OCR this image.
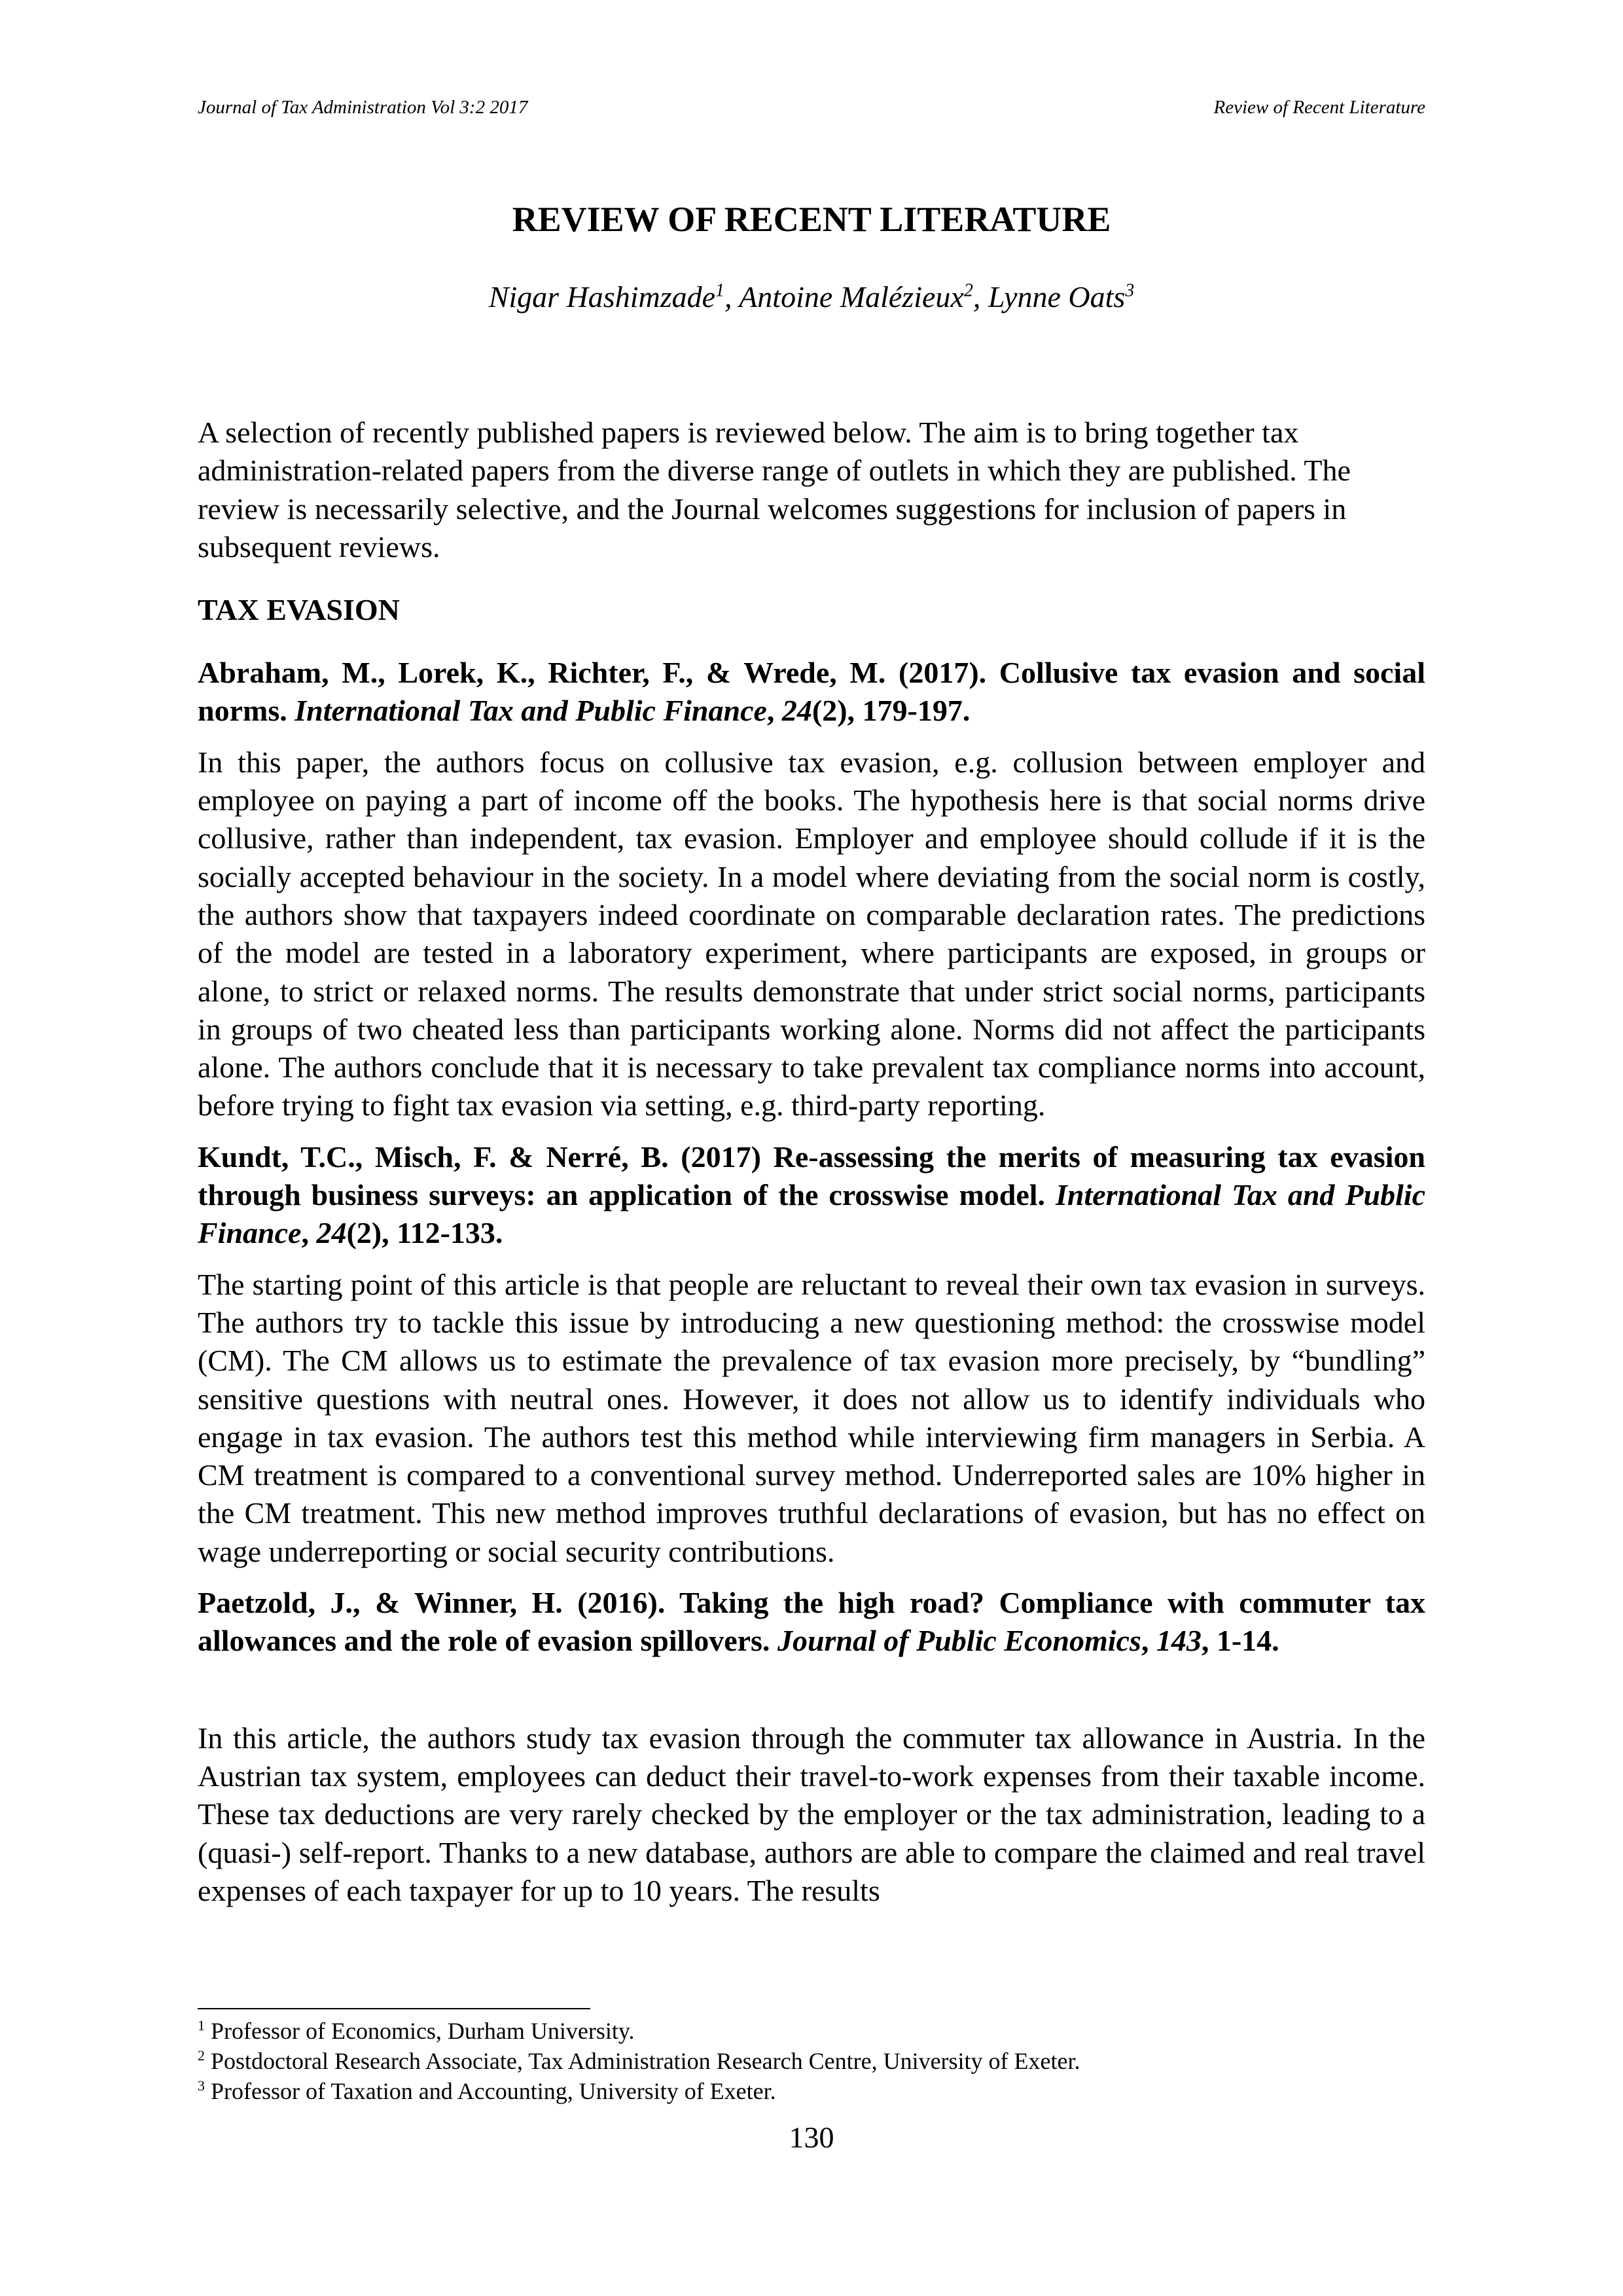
Journal of Tax Administration Vol 3:2 2017	Review of Recent Literature
REVIEW OF RECENT LITERATURE
Nigar Hashimzade$^1$, Antoine Malézieux$^2$, Lynne Oats$^3$

A selection of recently published papers is reviewed below. The aim is to bring together tax administration-related papers from the diverse range of outlets in which they are published. The review is necessarily selective, and the Journal welcomes suggestions for inclusion of papers in subsequent reviews.

TAX EVASION
Abraham, M., Lorek, K., Richter, F., & Wrede, M. (2017). Collusive tax evasion and social norms. International Tax and Public Finance, 24(2), 179-197.

In this paper, the authors focus on collusive tax evasion, e.g. collusion between employer and employee on paying a part of income off the books. The hypothesis here is that social norms drive collusive, rather than independent, tax evasion. Employer and employee should collude if it is the socially accepted behaviour in the society. In a model where deviating from the social norm is costly, the authors show that taxpayers indeed coordinate on comparable declaration rates. The predictions of the model are tested in a laboratory experiment, where participants are exposed, in groups or alone, to strict or relaxed norms. The results demonstrate that under strict social norms, participants in groups of two cheated less than participants working alone. Norms did not affect the participants alone. The authors conclude that it is necessary to take prevalent tax compliance norms into account, before trying to fight tax evasion via setting, e.g. third-party reporting.

Kundt, T.C., Misch, F. & Nerré, B. (2017) Re-assessing the merits of measuring tax evasion through business surveys: an application of the crosswise model. International Tax and Public Finance, 24(2), 112-133.

The starting point of this article is that people are reluctant to reveal their own tax evasion in surveys. The authors try to tackle this issue by introducing a new questioning method: the crosswise model (CM). The CM allows us to estimate the prevalence of tax evasion more precisely, by “bundling” sensitive questions with neutral ones. However, it does not allow us to identify individuals who engage in tax evasion. The authors test this method while interviewing firm managers in Serbia. A CM treatment is compared to a conventional survey method. Underreported sales are 10% higher in the CM treatment. This new method improves truthful declarations of evasion, but has no effect on wage underreporting or social security contributions.

Paetzold, J., & Winner, H. (2016). Taking the high road? Compliance with commuter tax allowances and the role of evasion spillovers. Journal of Public Economics, 143, 1-14.

In this article, the authors study tax evasion through the commuter tax allowance in Austria. In the Austrian tax system, employees can deduct their travel-to-work expenses from their taxable income. These tax deductions are very rarely checked by the employer or the tax administration, leading to a (quasi-) self-report. Thanks to a new database, authors are able to compare the claimed and real travel expenses of each taxpayer for up to 10 years. The results

$^1$ Professor of Economics, Durham University.
$^2$ Postdoctoral Research Associate, Tax Administration Research Centre, University of Exeter.
$^3$ Professor of Taxation and Accounting, University of Exeter.
130
